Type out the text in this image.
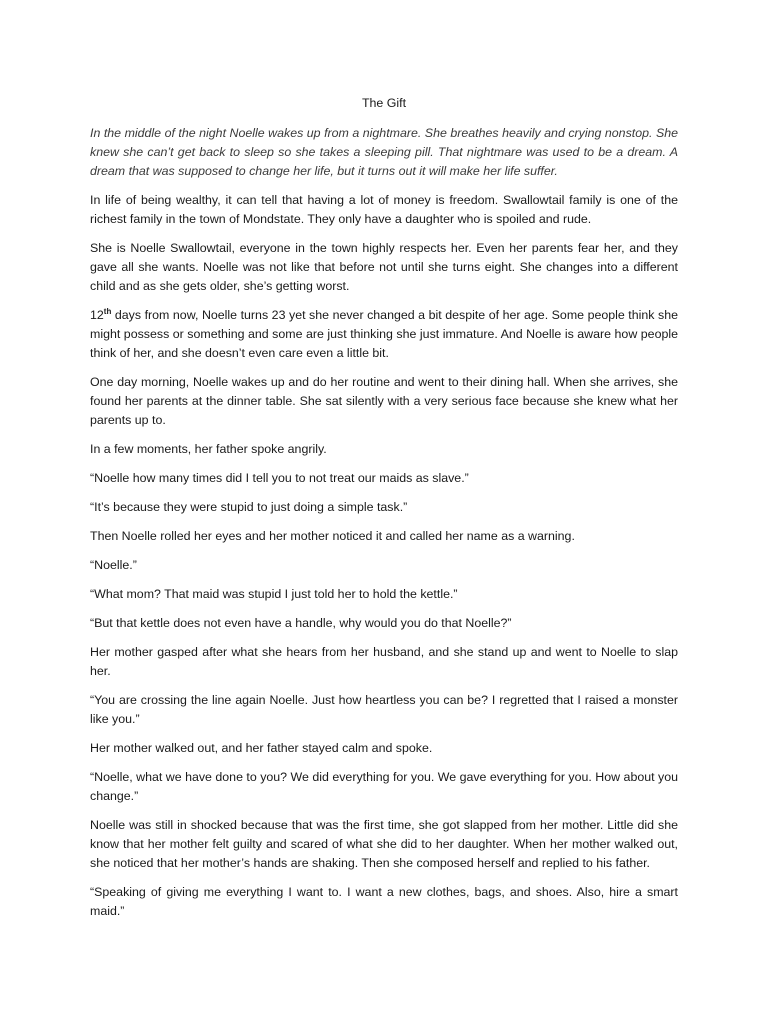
The Gift

In the middle of the night Noelle wakes up from a nightmare. She breathes heavily and crying nonstop. She knew she can’t get back to sleep so she takes a sleeping pill. That nightmare was used to be a dream. A dream that was supposed to change her life, but it turns out it will make her life suffer.

In life of being wealthy, it can tell that having a lot of money is freedom. Swallowtail family is one of the richest family in the town of Mondstate. They only have a daughter who is spoiled and rude.

She is Noelle Swallowtail, everyone in the town highly respects her. Even her parents fear her, and they gave all she wants. Noelle was not like that before not until she turns eight. She changes into a different child and as she gets older, she’s getting worst.

12th days from now, Noelle turns 23 yet she never changed a bit despite of her age. Some people think she might possess or something and some are just thinking she just immature. And Noelle is aware how people think of her, and she doesn’t even care even a little bit.

One day morning, Noelle wakes up and do her routine and went to their dining hall. When she arrives, she found her parents at the dinner table. She sat silently with a very serious face because she knew what her parents up to.

In a few moments, her father spoke angrily.

“Noelle how many times did I tell you to not treat our maids as slave.”

“It’s because they were stupid to just doing a simple task.”

Then Noelle rolled her eyes and her mother noticed it and called her name as a warning.

“Noelle.”

“What mom? That maid was stupid I just told her to hold the kettle.”

“But that kettle does not even have a handle, why would you do that Noelle?”

Her mother gasped after what she hears from her husband, and she stand up and went to Noelle to slap her.

“You are crossing the line again Noelle. Just how heartless you can be? I regretted that I raised a monster like you.”

Her mother walked out, and her father stayed calm and spoke.

“Noelle, what we have done to you? We did everything for you. We gave everything for you. How about you change.”

Noelle was still in shocked because that was the first time, she got slapped from her mother. Little did she know that her mother felt guilty and scared of what she did to her daughter. When her mother walked out, she noticed that her mother’s hands are shaking. Then she composed herself and replied to his father.

“Speaking of giving me everything I want to. I want a new clothes, bags, and shoes. Also, hire a smart maid.”
